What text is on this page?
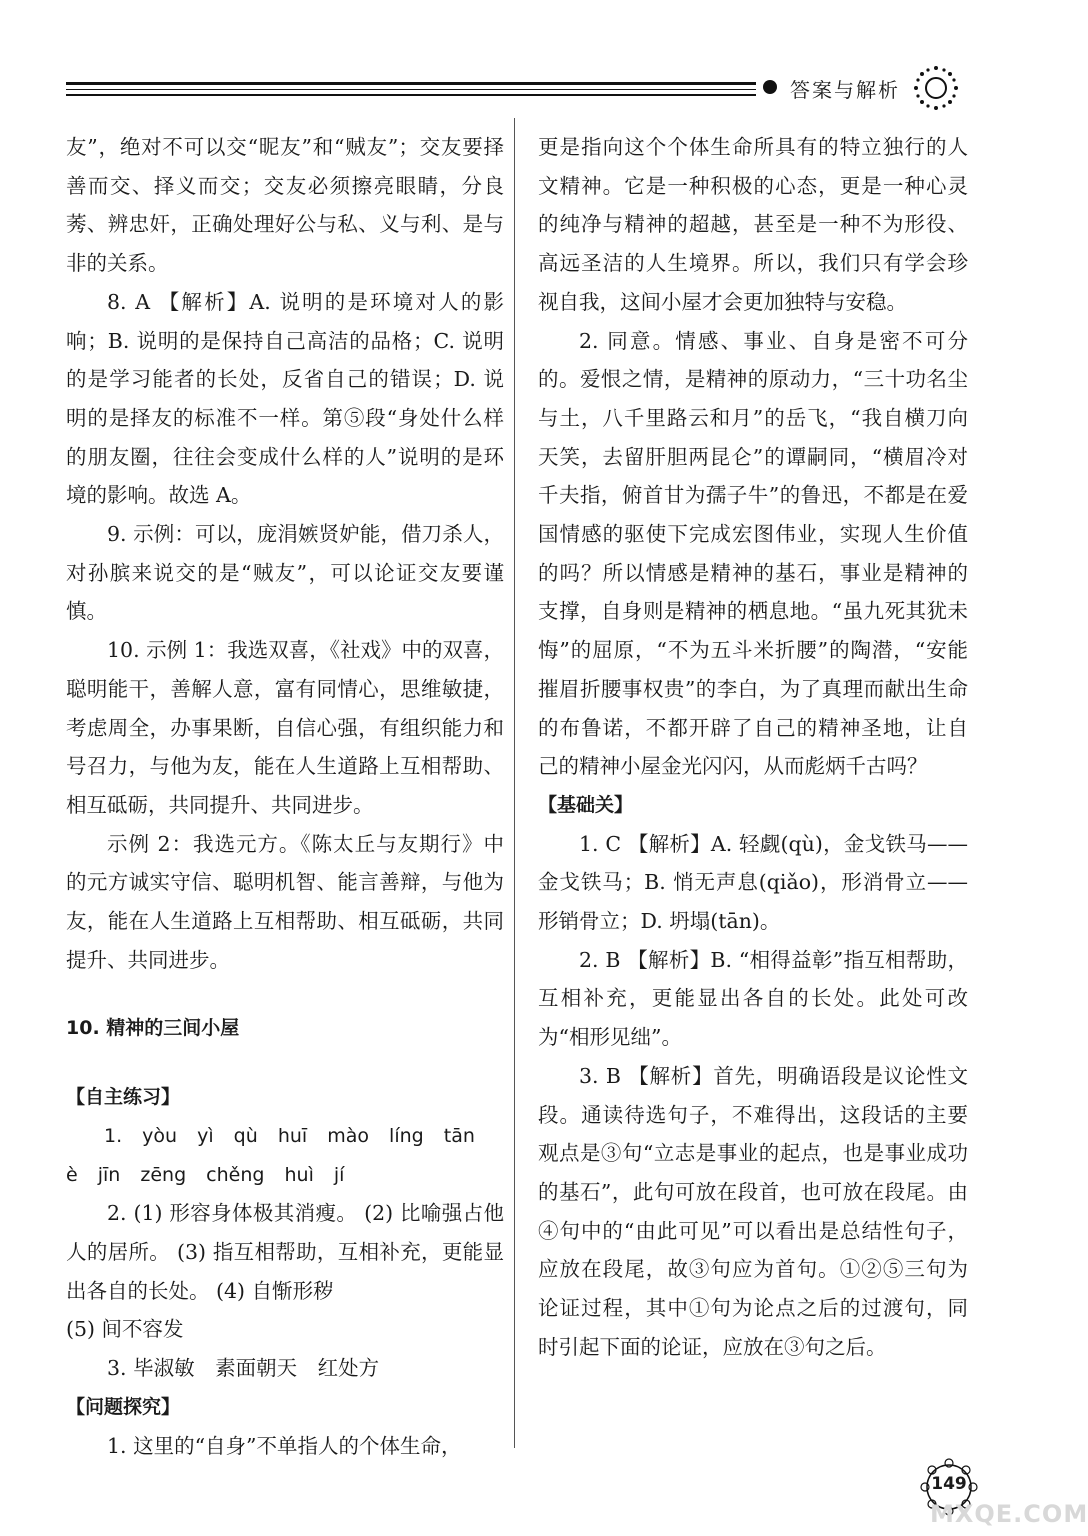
答案与解析

友”，绝对不可以交“昵友”和“贼友”；交友要择善而交、择义而交；交友必须擦亮眼睛，分良莠、辨忠奸，正确处理好公与私、义与利、是与非的关系。

8. A 【解析】A. 说明的是环境对人的影响；B. 说明的是保持自己高洁的品格；C. 说明的是学习能者的长处，反省自己的错误；D. 说明的是择友的标准不一样。第⑤段“身处什么样的朋友圈，往往会变成什么样的人”说明的是环境的影响。故选 A。

9. 示例：可以，庞涓嫉贤妒能，借刀杀人，对孙膑来说交的是“贼友”，可以论证交友要谨慎。

10. 示例 1：我选双喜，《社戏》中的双喜，聪明能干，善解人意，富有同情心，思维敏捷，考虑周全，办事果断，自信心强，有组织能力和号召力，与他为友，能在人生道路上互相帮助、相互砥砺，共同提升、共同进步。

示例 2：我选元方。《陈太丘与友期行》中的元方诚实守信、聪明机智、能言善辩，与他为友，能在人生道路上互相帮助、相互砥砺，共同提升、共同进步。

10. 精神的三间小屋

【自主练习】

1. yòu yì qù huī mào líng tān

è jīn zēng chěng huì jí

2. (1) 形容身体极其消瘦。 (2) 比喻强占他人的居所。 (3) 指互相帮助，互相补充，更能显出各自的长处。 (4) 自惭形秽

(5) 间不容发

3. 毕淑敏　素面朝天　红处方

【问题探究】

1. 这里的“自身”不单指人的个体生命，

更是指向这个个体生命所具有的特立独行的人文精神。它是一种积极的心态，更是一种心灵的纯净与精神的超越，甚至是一种不为形役、高远圣洁的人生境界。所以，我们只有学会珍视自我，这间小屋才会更加独特与安稳。

2. 同意。情感、事业、自身是密不可分的。爱恨之情，是精神的原动力，“三十功名尘与土，八千里路云和月”的岳飞，“我自横刀向天笑，去留肝胆两昆仑”的谭嗣同，“横眉冷对千夫指，俯首甘为孺子牛”的鲁迅，不都是在爱国情感的驱使下完成宏图伟业，实现人生价值的吗？所以情感是精神的基石，事业是精神的支撑，自身则是精神的栖息地。“虽九死其犹未悔”的屈原，“不为五斗米折腰”的陶潜，“安能摧眉折腰事权贵”的李白，为了真理而献出生命的布鲁诺，不都开辟了自己的精神圣地，让自己的精神小屋金光闪闪，从而彪炳千古吗？

【基础关】

1. C 【解析】A. 轻觑(qù)，金戈铁马——金戈铁马；B. 悄无声息(qiǎo)，形消骨立——形销骨立；D. 坍塌(tān)。

2. B 【解析】B. “相得益彰”指互相帮助，互相补充，更能显出各自的长处。此处可改为“相形见绌”。

3. B 【解析】首先，明确语段是议论性文段。通读待选句子，不难得出，这段话的主要观点是③句“立志是事业的起点，也是事业成功的基石”，此句可放在段首，也可放在段尾。由④句中的“由此可见”可以看出是总结性句子，应放在段尾，故③句应为首句。①②⑤三句为论证过程，其中①句为论点之后的过渡句，同时引起下面的论证，应放在③句之后。

149
MXQE.COM
